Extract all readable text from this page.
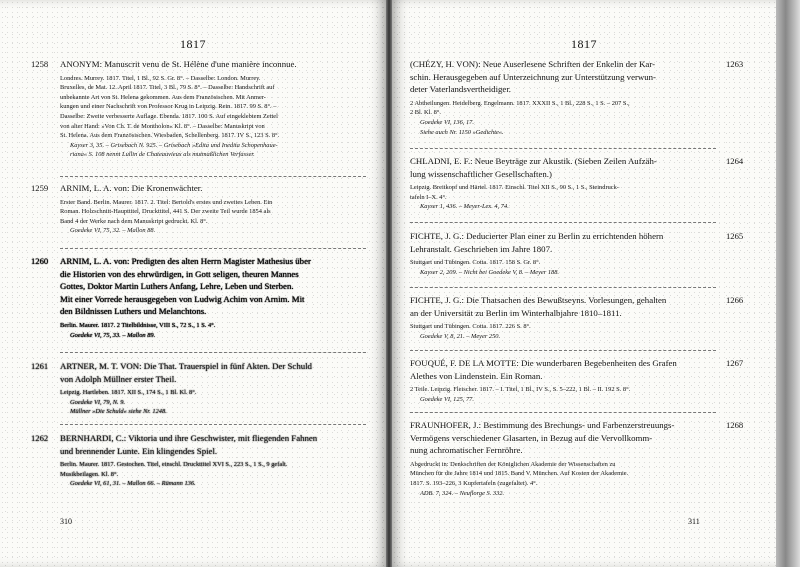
1817
1258 ANONYM: Manuscrit venu de St. Hélène d'une manière inconnue.

Londres. Murrey. 1817. Titel, 1 Bl., 92 S. Gr. 8°. – Dasselbe: London. Murrey.
Bruxelles, de Mat. 12. April 1817. Titel, 3 Bl., 79 S. 8°. – Dasselbe: Handschrift auf
unbekannte Art von St. Helena gekommen. Aus dem Französischen. Mit Anmer-
kungen und einer Nachschrift von Professor Krug in Leipzig. Rein. 1817. 99 S. 8°. –
Dasselbe: Zweite verbesserte Auflage. Ebenda. 1817. 100 S. Auf eingeklebtem Zettel
von alter Hand: »Von Ch. T. de Montholon« Kl. 8°. – Dasselbe: Manuskript von
St. Helena. Aus dem Französischen. Wiesbaden, Schellenberg. 1817. IV S., 123 S. 8°.

Kayser 3, 35. – Grisebach N. 925. – Grisebach »Edita und Inedita Schopenhaue-
riana« S. 108 nennt Lullin de Chateauvieux als mutmaßlichen Verfasser.

1259 ARNIM, L. A. von: Die Kronenwächter.

Erster Band. Berlin. Maurer. 1817. 2. Titel: Bertold's erstes und zweites Leben. Ein
Roman. Holzschnitt-Haupttitel, Druckttitel, 441 S. Der zweite Teil wurde 1854 als
Band 4 der Werke nach dem Manuskript gedruckt. Kl. 8°.

Goedeke VI, 75, 32. – Mallon 88.

1260 ARNIM, L. A. von: Predigten des alten Herrn Magister Mathesius über
die Historien von des ehrwürdigen, in Gott seligen, theuren Mannes
Gottes, Doktor Martin Luthers Anfang, Lehre, Leben und Sterben.
Mit einer Vorrede herausgegeben von Ludwig Achim von Arnim. Mit
den Bildnissen Luthers und Melanchtons.

Berlin. Maurer. 1817. 2 Titelbildnisse, VIII S., 72 S., 1 S. 4°.

Goedeke VI, 75, 33. – Mallon 89.

1261 ARTNER, M. T. VON: Die That. Trauerspiel in fünf Akten. Der Schuld
von Adolph Müllner erster Theil.

Leipzig. Hartleben. 1817. XII S., 174 S., 1 Bl. Kl. 8°.

Goedeke VI, 79, N. 9.
Müllner »Die Schuld« siehe Nr. 1248.

1262 BERNHARDI, C.: Viktoria und ihre Geschwister, mit fliegenden Fahnen
und brennender Lunte. Ein klingendes Spiel.

Berlin. Maurer. 1817. Gestochen. Titel, einschl. Druckttitel XVI S., 223 S., 1 S., 9 gefalt.
Musikbeilagen. Kl. 8°.

Goedeke VI, 61, 31. – Mallon 66. – Rümann 136.

310
1817
1263

(CHÉZY, H. VON): Neue Auserlesene Schriften der Enkelin der Kar-
schin. Herausgegeben auf Unterzeichnung zur Unterstützung verwun-
deter Vaterlandsvertheidiger.

2 Abtheilungen. Heidelberg. Engelmann. 1817. XXXII S., 1 Bl., 228 S., 1 S. – 207 S.,
2 Bl. Kl. 8°.

Goedeke VI, 136, 17.
Siehe auch Nr. 1150 »Gedichte«.

1264

CHLADNI, E. F.: Neue Beyträge zur Akustik. (Sieben Zeilen Aufzäh-
lung wissenschaftlicher Gesellschaften.)

Leipzig. Breitkopf und Härtel. 1817. Einschl. Titel XII S., 90 S., 1 S., Steindruck-
tafeln I–X. 4°.

Kayser 1, 436. – Meyer-Lex. 4, 74.

1265

FICHTE, J. G.: Deducierter Plan einer zu Berlin zu errichtenden höhern
Lehranstalt. Geschrieben im Jahre 1807.

Stuttgart und Tübingen. Cotta. 1817. 158 S. Gr. 8°.

Kayser 2, 209. – Nicht bei Goedeke V, 8. – Meyer 188.

1266

FICHTE, J. G.: Die Thatsachen des Bewußtseyns. Vorlesungen, gehalten
an der Universität zu Berlin im Winterhalbjahre 1810–1811.

Stuttgart und Tübingen. Cotta. 1817. 226 S. 8°.

Goedeke V, 8, 21. – Meyer 250.

1267

FOUQUÉ, F. DE LA MOTTE: Die wunderbaren Begebenheiten des Grafen
Alethes von Lindenstein. Ein Roman.

2 Teile. Leipzig. Fleischer. 1817. – I. Titel, 1 Bl., IV S., S. 5–222, 1 Bl. – II. 192 S. 8°.

Goedeke VI, 125, 77.

1268

FRAUNHOFER, J.: Bestimmung des Brechungs- und Farbenzerstreuungs-
Vermögens verschiedener Glasarten, in Bezug auf die Vervollkomm-
nung achromatischer Fernröhre.

Abgedruckt in: Denkschriften der Königlichen Akademie der Wissenschaften zu
München für die Jahre 1814 und 1815. Band V. München. Auf Kosten der Akademie.
1817. S. 193–226, 3 Kupfertafeln (zugefaltet). 4°.

ADB. 7, 324. – Neuflorge S. 332.

311
